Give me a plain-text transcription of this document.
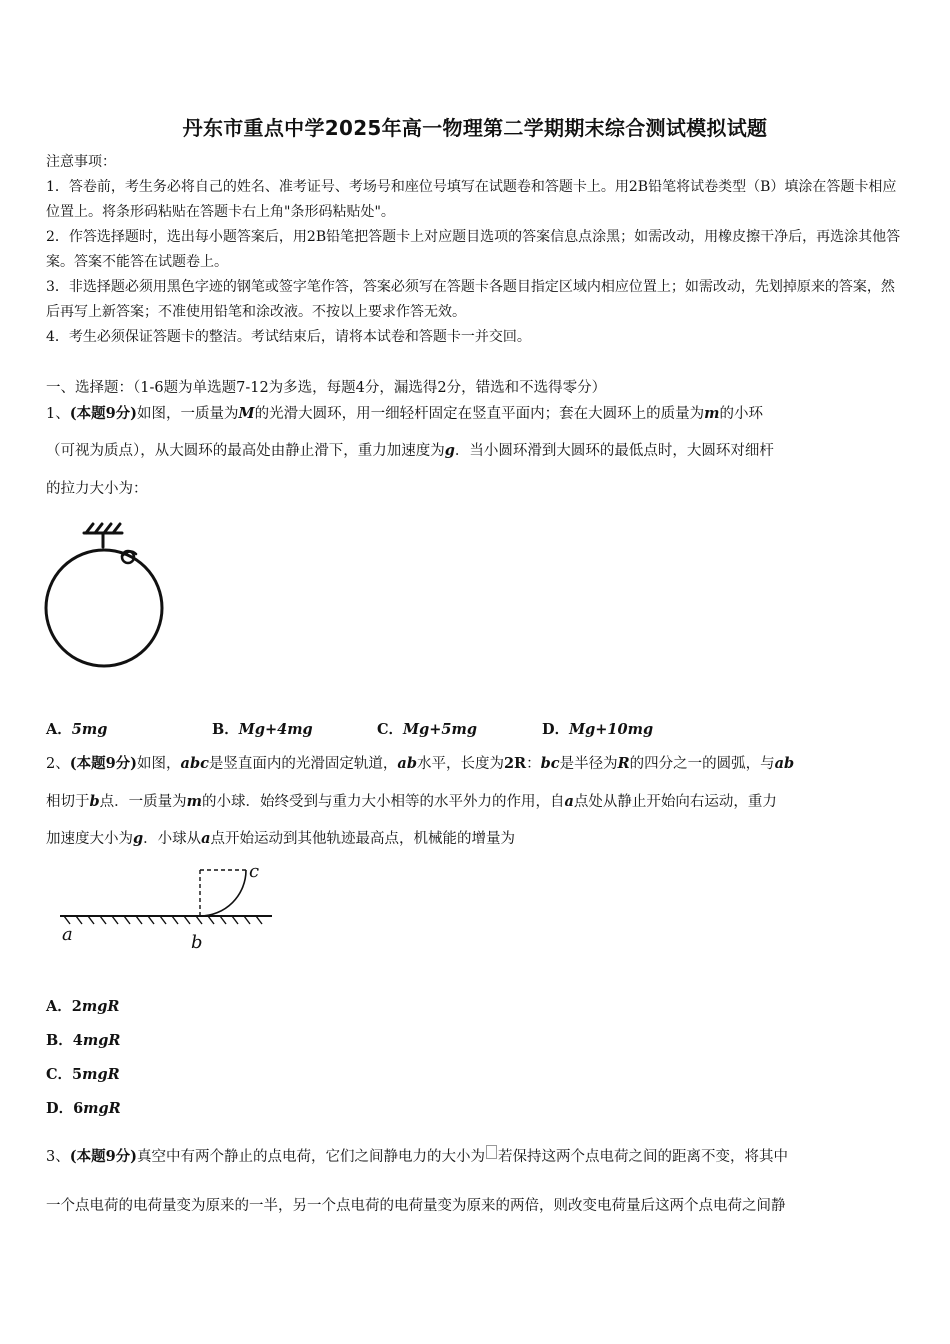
丹东市重点中学2025年高一物理第二学期期末综合测试模拟试题

注意事项：

1．答卷前，考生务必将自己的姓名、准考证号、考场号和座位号填写在试题卷和答题卡上。用2B铅笔将试卷类型（B）填涂在答题卡相应位置上。将条形码粘贴在答题卡右上角"条形码粘贴处"。

2．作答选择题时，选出每小题答案后，用2B铅笔把答题卡上对应题目选项的答案信息点涂黑；如需改动，用橡皮擦干净后，再选涂其他答案。答案不能答在试题卷上。

3．非选择题必须用黑色字迹的钢笔或签字笔作答，答案必须写在答题卡各题目指定区域内相应位置上；如需改动，先划掉原来的答案，然后再写上新答案；不准使用铅笔和涂改液。不按以上要求作答无效。

4．考生必须保证答题卡的整洁。考试结束后，请将本试卷和答题卡一并交回。

一、选择题：（1-6题为单选题7-12为多选，每题4分，漏选得2分，错选和不选得零分）
1、(本题9分)如图，一质量为M的光滑大圆环，用一细轻杆固定在竖直平面内；套在大圆环上的质量为m的小环
（可视为质点），从大圆环的最高处由静止滑下，重力加速度为g．当小圆环滑到大圆环的最低点时，大圆环对细杆
的拉力大小为：
A．5mg	B．Mg+4mg	C．Mg+5mg	D．Mg+10mg
2、(本题9分)如图，abc是竖直面内的光滑固定轨道，ab水平，长度为2R：bc是半径为R的四分之一的圆弧，与ab
相切于b点．一质量为m的小球．始终受到与重力大小相等的水平外力的作用，自a点处从静止开始向右运动，重力
加速度大小为g．小球从a点开始运动到其他轨迹最高点，机械能的增量为
a	b
c
A．2mgR
B．4mgR
C．5mgR
D．6mgR
3、(本题9分)真空中有两个静止的点电荷，它们之间静电力的大小为 若保持这两个点电荷之间的距离不变，将其中
一个点电荷的电荷量变为原来的一半，另一个点电荷的电荷量变为原来的两倍，则改变电荷量后这两个点电荷之间静
